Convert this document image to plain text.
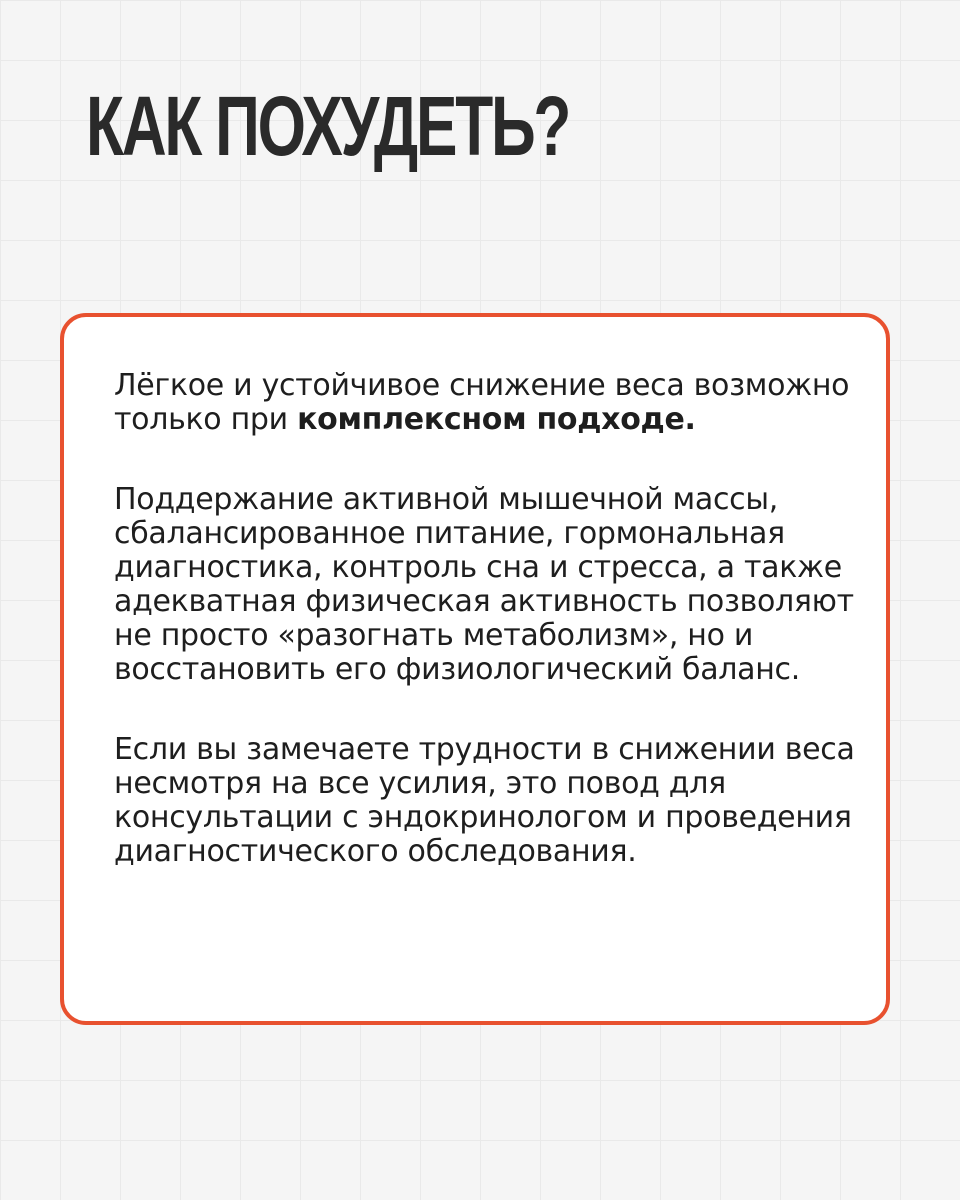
КАК ПОХУДЕТЬ?

Лёгкое и устойчивое снижение веса возможно только при комплексном подходе.

Поддержание активной мышечной массы, сбалансированное питание, гормональная диагностика, контроль сна и стресса, а также адекватная физическая активность позволяют не просто «разогнать метаболизм», но и восстановить его физиологический баланс.

Если вы замечаете трудности в снижении веса несмотря на все усилия, это повод для консультации с эндокринологом и проведения диагностического обследования.
